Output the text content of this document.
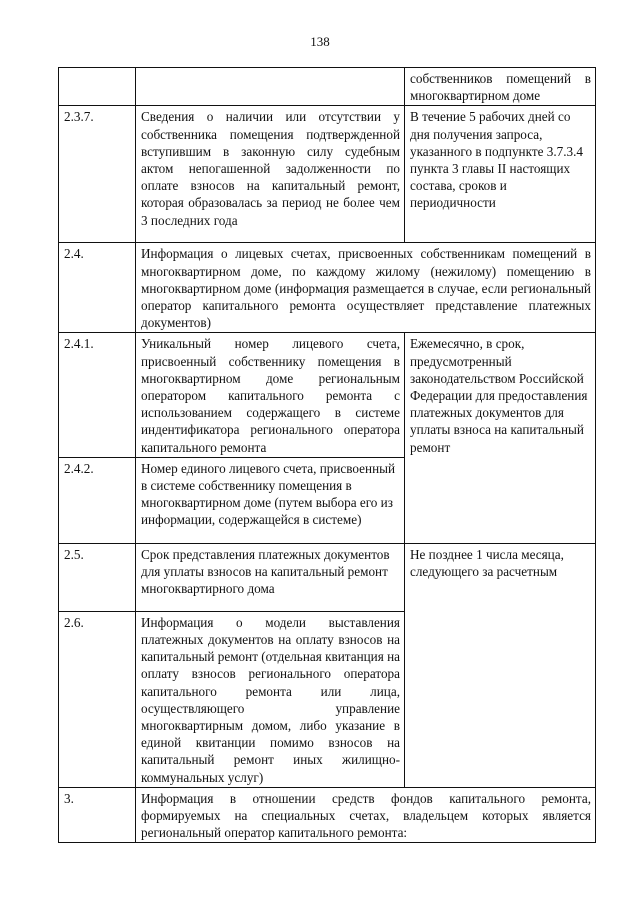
138
		собственников помещений в многоквартирном доме
2.3.7.	Сведения о наличии или отсутствии у собственника помещения подтвержденной вступившим в законную силу судебным актом непогашенной задолженности по оплате взносов на капитальный ремонт, которая образовалась за период не более чем 3 последних года	В течение 5 рабочих дней со дня получения запроса, указанного в подпункте 3.7.3.4 пункта 3 главы II настоящих состава, сроков и периодичности
2.4.	Информация о лицевых счетах, присвоенных собственникам помещений в многоквартирном доме, по каждому жилому (нежилому) помещению в многоквартирном доме (информация размещается в случае, если региональный оператор капитального ремонта осуществляет представление платежных документов)	
2.4.1.	Уникальный номер лицевого счета, присвоенный собственнику помещения в многоквартирном доме региональным оператором капитального ремонта с использованием содержащего в системе индентификатора регионального оператора капитального ремонта	Ежемесячно, в срок, предусмотренный законодательством Российской Федерации для предоставления платежных документов для уплаты взноса на капитальный ремонт
2.4.2.	Номер единого лицевого счета, присвоенный в системе собственнику помещения в многоквартирном доме (путем выбора его из информации, содержащейся в системе)	
2.5.	Срок представления платежных документов для уплаты взносов на капитальный ремонт многоквартирного дома	Не позднее 1 числа месяца, следующего за расчетным
2.6.	Информация о модели выставления платежных документов на оплату взносов на капитальный ремонт (отдельная квитанция на оплату взносов регионального оператора капитального ремонта или лица, осуществляющего управление многоквартирным домом, либо указание в единой квитанции помимо взносов на капитальный ремонт иных жилищно-коммунальных услуг)	
3.	Информация в отношении средств фондов капитального ремонта, формируемых на специальных счетах, владельцем которых является региональный оператор капитального ремонта:	
